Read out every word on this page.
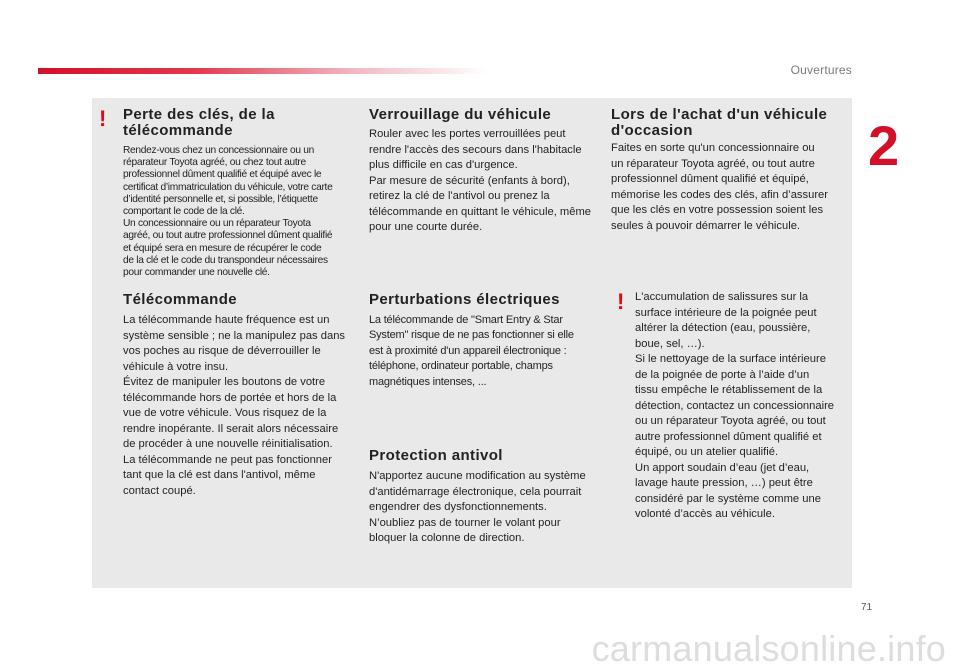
Ouvertures
2
! Perte des clés, de la
télécommande

Rendez-vous chez un concessionnaire ou un
réparateur Toyota agréé, ou chez tout autre
professionnel dûment qualifié et équipé avec le
certificat d’immatriculation du véhicule, votre carte
d’identité personnelle et, si possible, l’étiquette
comportant le code de la clé.
Un concessionnaire ou un réparateur Toyota
agréé, ou tout autre professionnel dûment qualifié
et équipé sera en mesure de récupérer le code
de la clé et le code du transpondeur nécessaires
pour commander une nouvelle clé.

Télécommande

La télécommande haute fréquence est un
système sensible ; ne la manipulez pas dans
vos poches au risque de déverrouiller le
véhicule à votre insu.
Évitez de manipuler les boutons de votre
télécommande hors de portée et hors de la
vue de votre véhicule. Vous risquez de la
rendre inopérante. Il serait alors nécessaire
de procéder à une nouvelle réinitialisation.
La télécommande ne peut pas fonctionner
tant que la clé est dans l'antivol, même
contact coupé.

Verrouillage du véhicule

Rouler avec les portes verrouillées peut
rendre l'accès des secours dans l'habitacle
plus difficile en cas d'urgence.
Par mesure de sécurité (enfants à bord),
retirez la clé de l'antivol ou prenez la
télécommande en quittant le véhicule, même
pour une courte durée.

Perturbations électriques

La télécommande de "Smart Entry & Star
System" risque de ne pas fonctionner si elle
est à proximité d'un appareil électronique :
téléphone, ordinateur portable, champs
magnétiques intenses, ...

Protection antivol

N'apportez aucune modification au système
d'antidémarrage électronique, cela pourrait
engendrer des dysfonctionnements.
N’oubliez pas de tourner le volant pour
bloquer la colonne de direction.

Lors de l'achat d'un véhicule
d'occasion

Faites en sorte qu'un concessionnaire ou
un réparateur Toyota agréé, ou tout autre
professionnel dûment qualifié et équipé,
mémorise les codes des clés, afin d’assurer
que les clés en votre possession soient les
seules à pouvoir démarrer le véhicule.

! L'accumulation de salissures sur la
surface intérieure de la poignée peut
altérer la détection (eau, poussière,
boue, sel, …).
Si le nettoyage de la surface intérieure
de la poignée de porte à l’aide d’un
tissu empêche le rétablissement de la
détection, contactez un concessionnaire
ou un réparateur Toyota agréé, ou tout
autre professionnel dûment qualifié et
équipé, ou un atelier qualifié.
Un apport soudain d’eau (jet d’eau,
lavage haute pression, …) peut être
considéré par le système comme une
volonté d’accès au véhicule.

71
carmanualsonline.info
